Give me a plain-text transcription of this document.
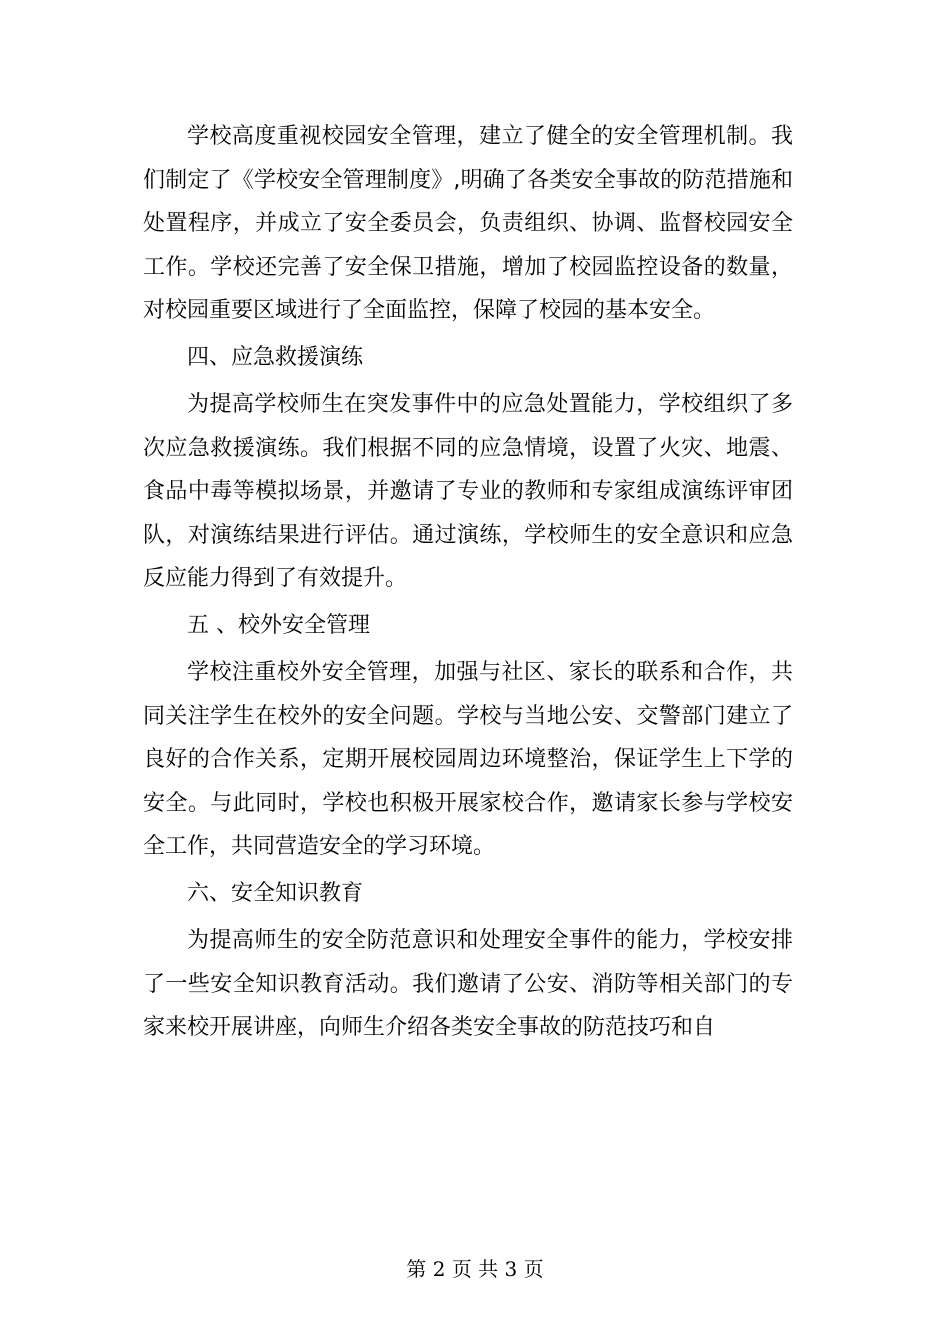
学校高度重视校园安全管理，建立了健全的安全管理机制。我们制定了《学校安全管理制度》,明确了各类安全事故的防范措施和处置程序，并成立了安全委员会，负责组织、协调、监督校园安全工作。学校还完善了安全保卫措施，增加了校园监控设备的数量，对校园重要区域进行了全面监控，保障了校园的基本安全。

四、应急救援演练

为提高学校师生在突发事件中的应急处置能力，学校组织了多次应急救援演练。我们根据不同的应急情境，设置了火灾、地震、食品中毒等模拟场景，并邀请了专业的教师和专家组成演练评审团队，对演练结果进行评估。通过演练，学校师生的安全意识和应急反应能力得到了有效提升。

五 、校外安全管理

学校注重校外安全管理，加强与社区、家长的联系和合作，共同关注学生在校外的安全问题。学校与当地公安、交警部门建立了良好的合作关系，定期开展校园周边环境整治，保证学生上下学的安全。与此同时，学校也积极开展家校合作，邀请家长参与学校安全工作，共同营造安全的学习环境。

六、安全知识教育

为提高师生的安全防范意识和处理安全事件的能力，学校安排了一些安全知识教育活动。我们邀请了公安、消防等相关部门的专家来校开展讲座，向师生介绍各类安全事故的防范技巧和自

第 2 页 共 3 页
